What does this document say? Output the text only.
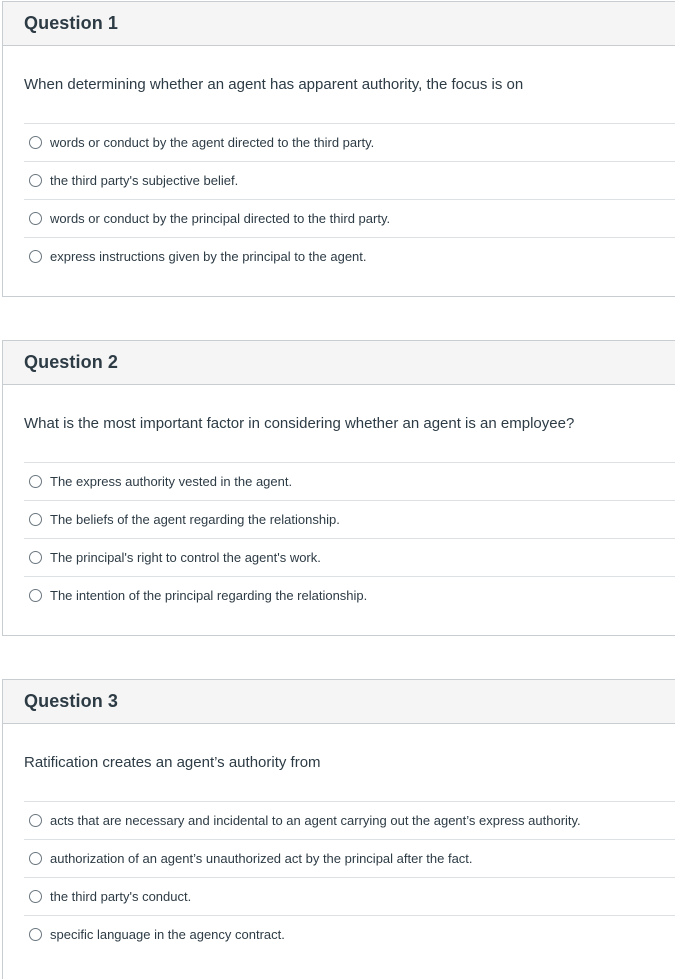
Question 1
When determining whether an agent has apparent authority, the focus is on
words or conduct by the agent directed to the third party.
the third party's subjective belief.
words or conduct by the principal directed to the third party.
express instructions given by the principal to the agent.
Question 2
What is the most important factor in considering whether an agent is an employee?
The express authority vested in the agent.
The beliefs of the agent regarding the relationship.
The principal's right to control the agent's work.
The intention of the principal regarding the relationship.
Question 3
Ratification creates an agent’s authority from
acts that are necessary and incidental to an agent carrying out the agent’s express authority.
authorization of an agent’s unauthorized act by the principal after the fact.
the third party's conduct.
specific language in the agency contract.
